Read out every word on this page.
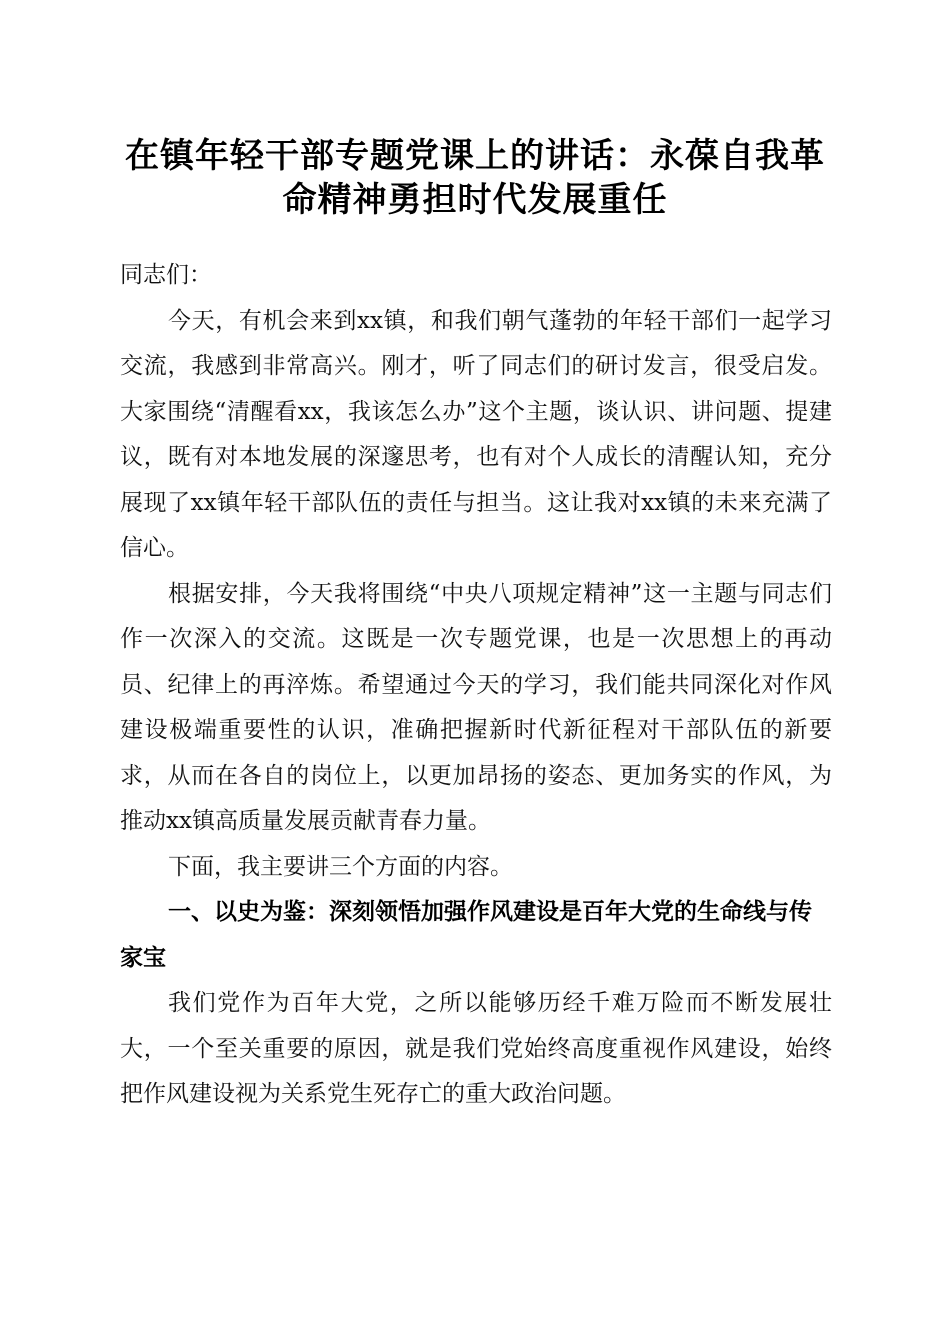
在镇年轻干部专题党课上的讲话：永葆自我革
命精神勇担时代发展重任

同志们：

今天，有机会来到xx镇，和我们朝气蓬勃的年轻干部们一起学习交流，我感到非常高兴。刚才，听了同志们的研讨发言，很受启发。大家围绕“清醒看xx，我该怎么办”这个主题，谈认识、讲问题、提建议，既有对本地发展的深邃思考，也有对个人成长的清醒认知，充分展现了xx镇年轻干部队伍的责任与担当。这让我对xx镇的未来充满了信心。

根据安排，今天我将围绕“中央八项规定精神”这一主题与同志们作一次深入的交流。这既是一次专题党课，也是一次思想上的再动员、纪律上的再淬炼。希望通过今天的学习，我们能共同深化对作风建设极端重要性的认识，准确把握新时代新征程对干部队伍的新要求，从而在各自的岗位上，以更加昂扬的姿态、更加务实的作风，为推动xx镇高质量发展贡献青春力量。

下面，我主要讲三个方面的内容。

一、以史为鉴：深刻领悟加强作风建设是百年大党的生命线与传家宝

我们党作为百年大党，之所以能够历经千难万险而不断发展壮大，一个至关重要的原因，就是我们党始终高度重视作风建设，始终把作风建设视为关系党生死存亡的重大政治问题。
